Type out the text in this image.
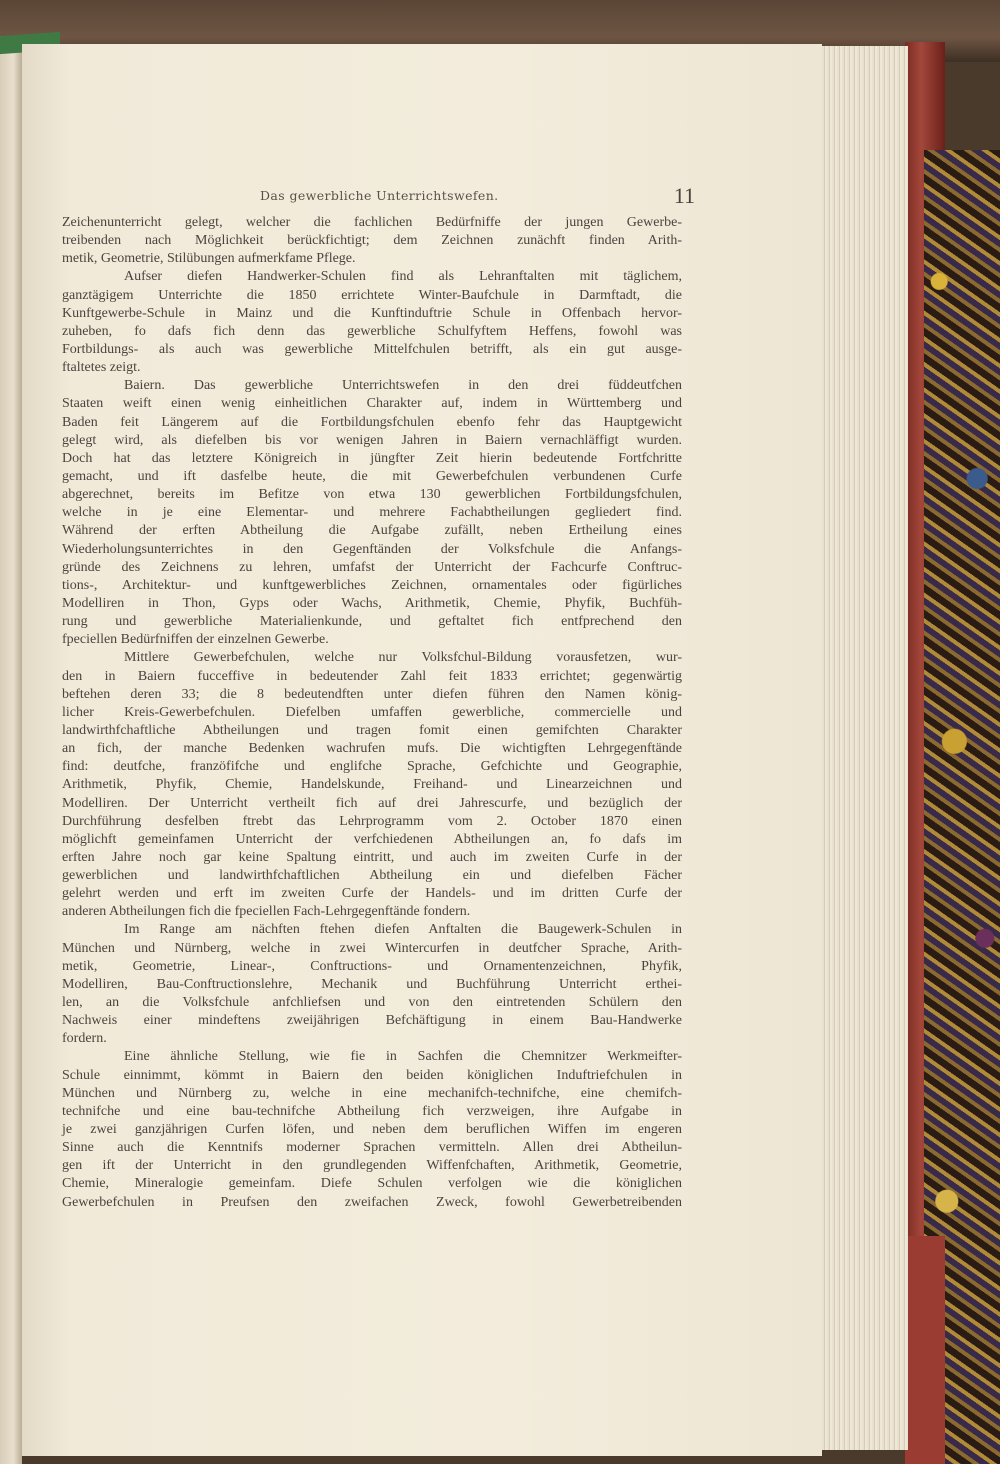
Das gewerbliche Unterrichtswefen.	11
Zeichenunterricht gelegt, welcher die fachlichen Bedürfniffe der jungen Gewerbe-
treibenden nach Möglichkeit berückfichtigt; dem Zeichnen zunächft finden Arith-
metik, Geometrie, Stilübungen aufmerkfame Pflege.
Aufser diefen Handwerker-Schulen find als Lehranftalten mit täglichem,
ganztägigem Unterrichte die 1850 errichtete Winter-Baufchule in Darmftadt, die
Kunftgewerbe-Schule in Mainz und die Kunftinduftrie Schule in Offenbach hervor-
zuheben, fo dafs fich denn das gewerbliche Schulfyftem Heffens, fowohl was
Fortbildungs- als auch was gewerbliche Mittelfchulen betrifft, als ein gut ausge-
ftaltetes zeigt.
Baiern. Das gewerbliche Unterrichtswefen in den drei füddeutfchen
Staaten weift einen wenig einheitlichen Charakter auf, indem in Württemberg und
Baden feit Längerem auf die Fortbildungsfchulen ebenfo fehr das Hauptgewicht
gelegt wird, als diefelben bis vor wenigen Jahren in Baiern vernachläffigt wurden.
Doch hat das letztere Königreich in jüngfter Zeit hierin bedeutende Fortfchritte
gemacht, und ift dasfelbe heute, die mit Gewerbefchulen verbundenen Curfe
abgerechnet, bereits im Befitze von etwa 130 gewerblichen Fortbildungsfchulen,
welche in je eine Elementar- und mehrere Fachabtheilungen gegliedert find.
Während der erften Abtheilung die Aufgabe zufällt, neben Ertheilung eines
Wiederholungsunterrichtes in den Gegenftänden der Volksfchule die Anfangs-
gründe des Zeichnens zu lehren, umfafst der Unterricht der Fachcurfe Conftruc-
tions-, Architektur- und kunftgewerbliches Zeichnen, ornamentales oder figürliches
Modelliren in Thon, Gyps oder Wachs, Arithmetik, Chemie, Phyfik, Buchfüh-
rung und gewerbliche Materialienkunde, und geftaltet fich entfprechend den
fpeciellen Bedürfniffen der einzelnen Gewerbe.
Mittlere Gewerbefchulen, welche nur Volksfchul-Bildung vorausfetzen, wur-
den in Baiern fucceffive in bedeutender Zahl feit 1833 errichtet; gegenwärtig
beftehen deren 33; die 8 bedeutendften unter diefen führen den Namen könig-
licher Kreis-Gewerbefchulen. Diefelben umfaffen gewerbliche, commercielle und
landwirthfchaftliche Abtheilungen und tragen fomit einen gemifchten Charakter
an fich, der manche Bedenken wachrufen mufs. Die wichtigften Lehrgegenftände
find: deutfche, franzöfifche und englifche Sprache, Gefchichte und Geographie,
Arithmetik, Phyfik, Chemie, Handelskunde, Freihand- und Linearzeichnen und
Modelliren. Der Unterricht vertheilt fich auf drei Jahrescurfe, und bezüglich der
Durchführung desfelben ftrebt das Lehrprogramm vom 2. October 1870 einen
möglichft gemeinfamen Unterricht der verfchiedenen Abtheilungen an, fo dafs im
erften Jahre noch gar keine Spaltung eintritt, und auch im zweiten Curfe in der
gewerblichen und landwirthfchaftlichen Abtheilung ein und diefelben Fächer
gelehrt werden und erft im zweiten Curfe der Handels- und im dritten Curfe der
anderen Abtheilungen fich die fpeciellen Fach-Lehrgegenftände fondern.
Im Range am nächften ftehen diefen Anftalten die Baugewerk-Schulen in
München und Nürnberg, welche in zwei Wintercurfen in deutfcher Sprache, Arith-
metik, Geometrie, Linear-, Conftructions- und Ornamentenzeichnen, Phyfik,
Modelliren, Bau-Conftructionslehre, Mechanik und Buchführung Unterricht erthei-
len, an die Volksfchule anfchliefsen und von den eintretenden Schülern den
Nachweis einer mindeftens zweijährigen Befchäftigung in einem Bau-Handwerke
fordern.
Eine ähnliche Stellung, wie fie in Sachfen die Chemnitzer Werkmeifter-
Schule einnimmt, kömmt in Baiern den beiden königlichen Induftriefchulen in
München und Nürnberg zu, welche in eine mechanifch-technifche, eine chemifch-
technifche und eine bau-technifche Abtheilung fich verzweigen, ihre Aufgabe in
je zwei ganzjährigen Curfen löfen, und neben dem beruflichen Wiffen im engeren
Sinne auch die Kenntnifs moderner Sprachen vermitteln. Allen drei Abtheilun-
gen ift der Unterricht in den grundlegenden Wiffenfchaften, Arithmetik, Geometrie,
Chemie, Mineralogie gemeinfam. Diefe Schulen verfolgen wie die königlichen
Gewerbefchulen in Preufsen den zweifachen Zweck, fowohl Gewerbetreibenden
